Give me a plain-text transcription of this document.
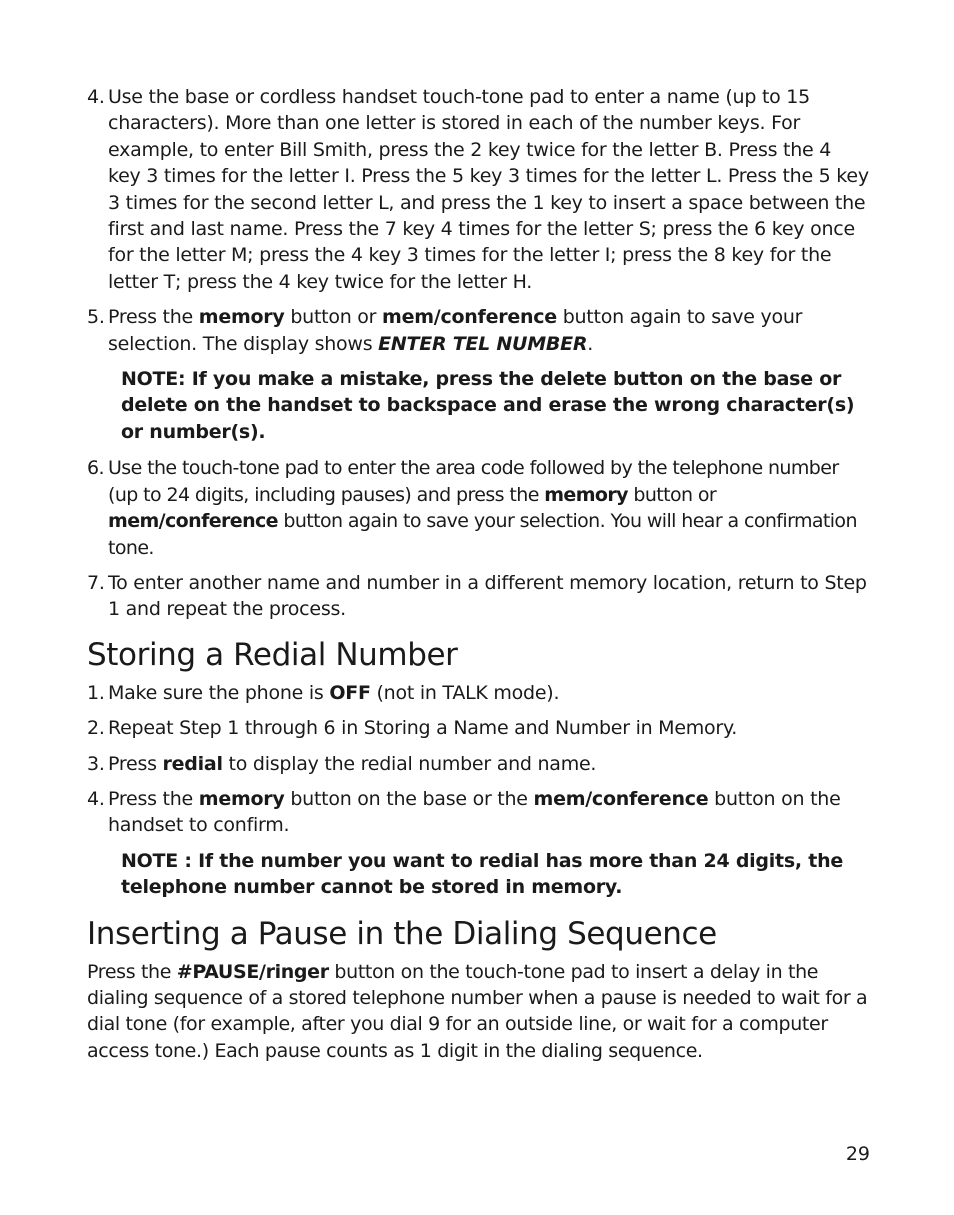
4. Use the base or cordless handset touch-tone pad to enter a name (up to 15 characters). More than one letter is stored in each of the number keys. For example, to enter Bill Smith, press the 2 key twice for the letter B. Press the 4 key 3 times for the letter I. Press the 5 key 3 times for the letter L. Press the 5 key 3 times for the second letter L, and press the 1 key to insert a space between the first and last name. Press the 7 key 4 times for the letter S; press the 6 key once for the letter M; press the 4 key 3 times for the letter I; press the 8 key for the letter T; press the 4 key twice for the letter H.
5. Press the memory button or mem/conference button again to save your selection. The display shows ENTER TEL NUMBER.
NOTE: If you make a mistake, press the delete button on the base or delete on the handset to backspace and erase the wrong character(s) or number(s).
6. Use the touch-tone pad to enter the area code followed by the telephone number (up to 24 digits, including pauses) and press the memory button or mem/conference button again to save your selection. You will hear a confirmation tone.
7. To enter another name and number in a different memory location, return to Step 1 and repeat the process.
Storing a Redial Number
1. Make sure the phone is OFF (not in TALK mode).
2. Repeat Step 1 through 6 in Storing a Name and Number in Memory.
3. Press redial to display the redial number and name.
4. Press the memory button on the base or the mem/conference button on the handset to confirm.
NOTE : If the number you want to redial has more than 24 digits, the telephone number cannot be stored in memory.
Inserting a Pause in the Dialing Sequence
Press the #PAUSE/ringer button on the touch-tone pad to insert a delay in the dialing sequence of a stored telephone number when a pause is needed to wait for a dial tone (for example, after you dial 9 for an outside line, or wait for a computer access tone.) Each pause counts as 1 digit in the dialing sequence.
29
